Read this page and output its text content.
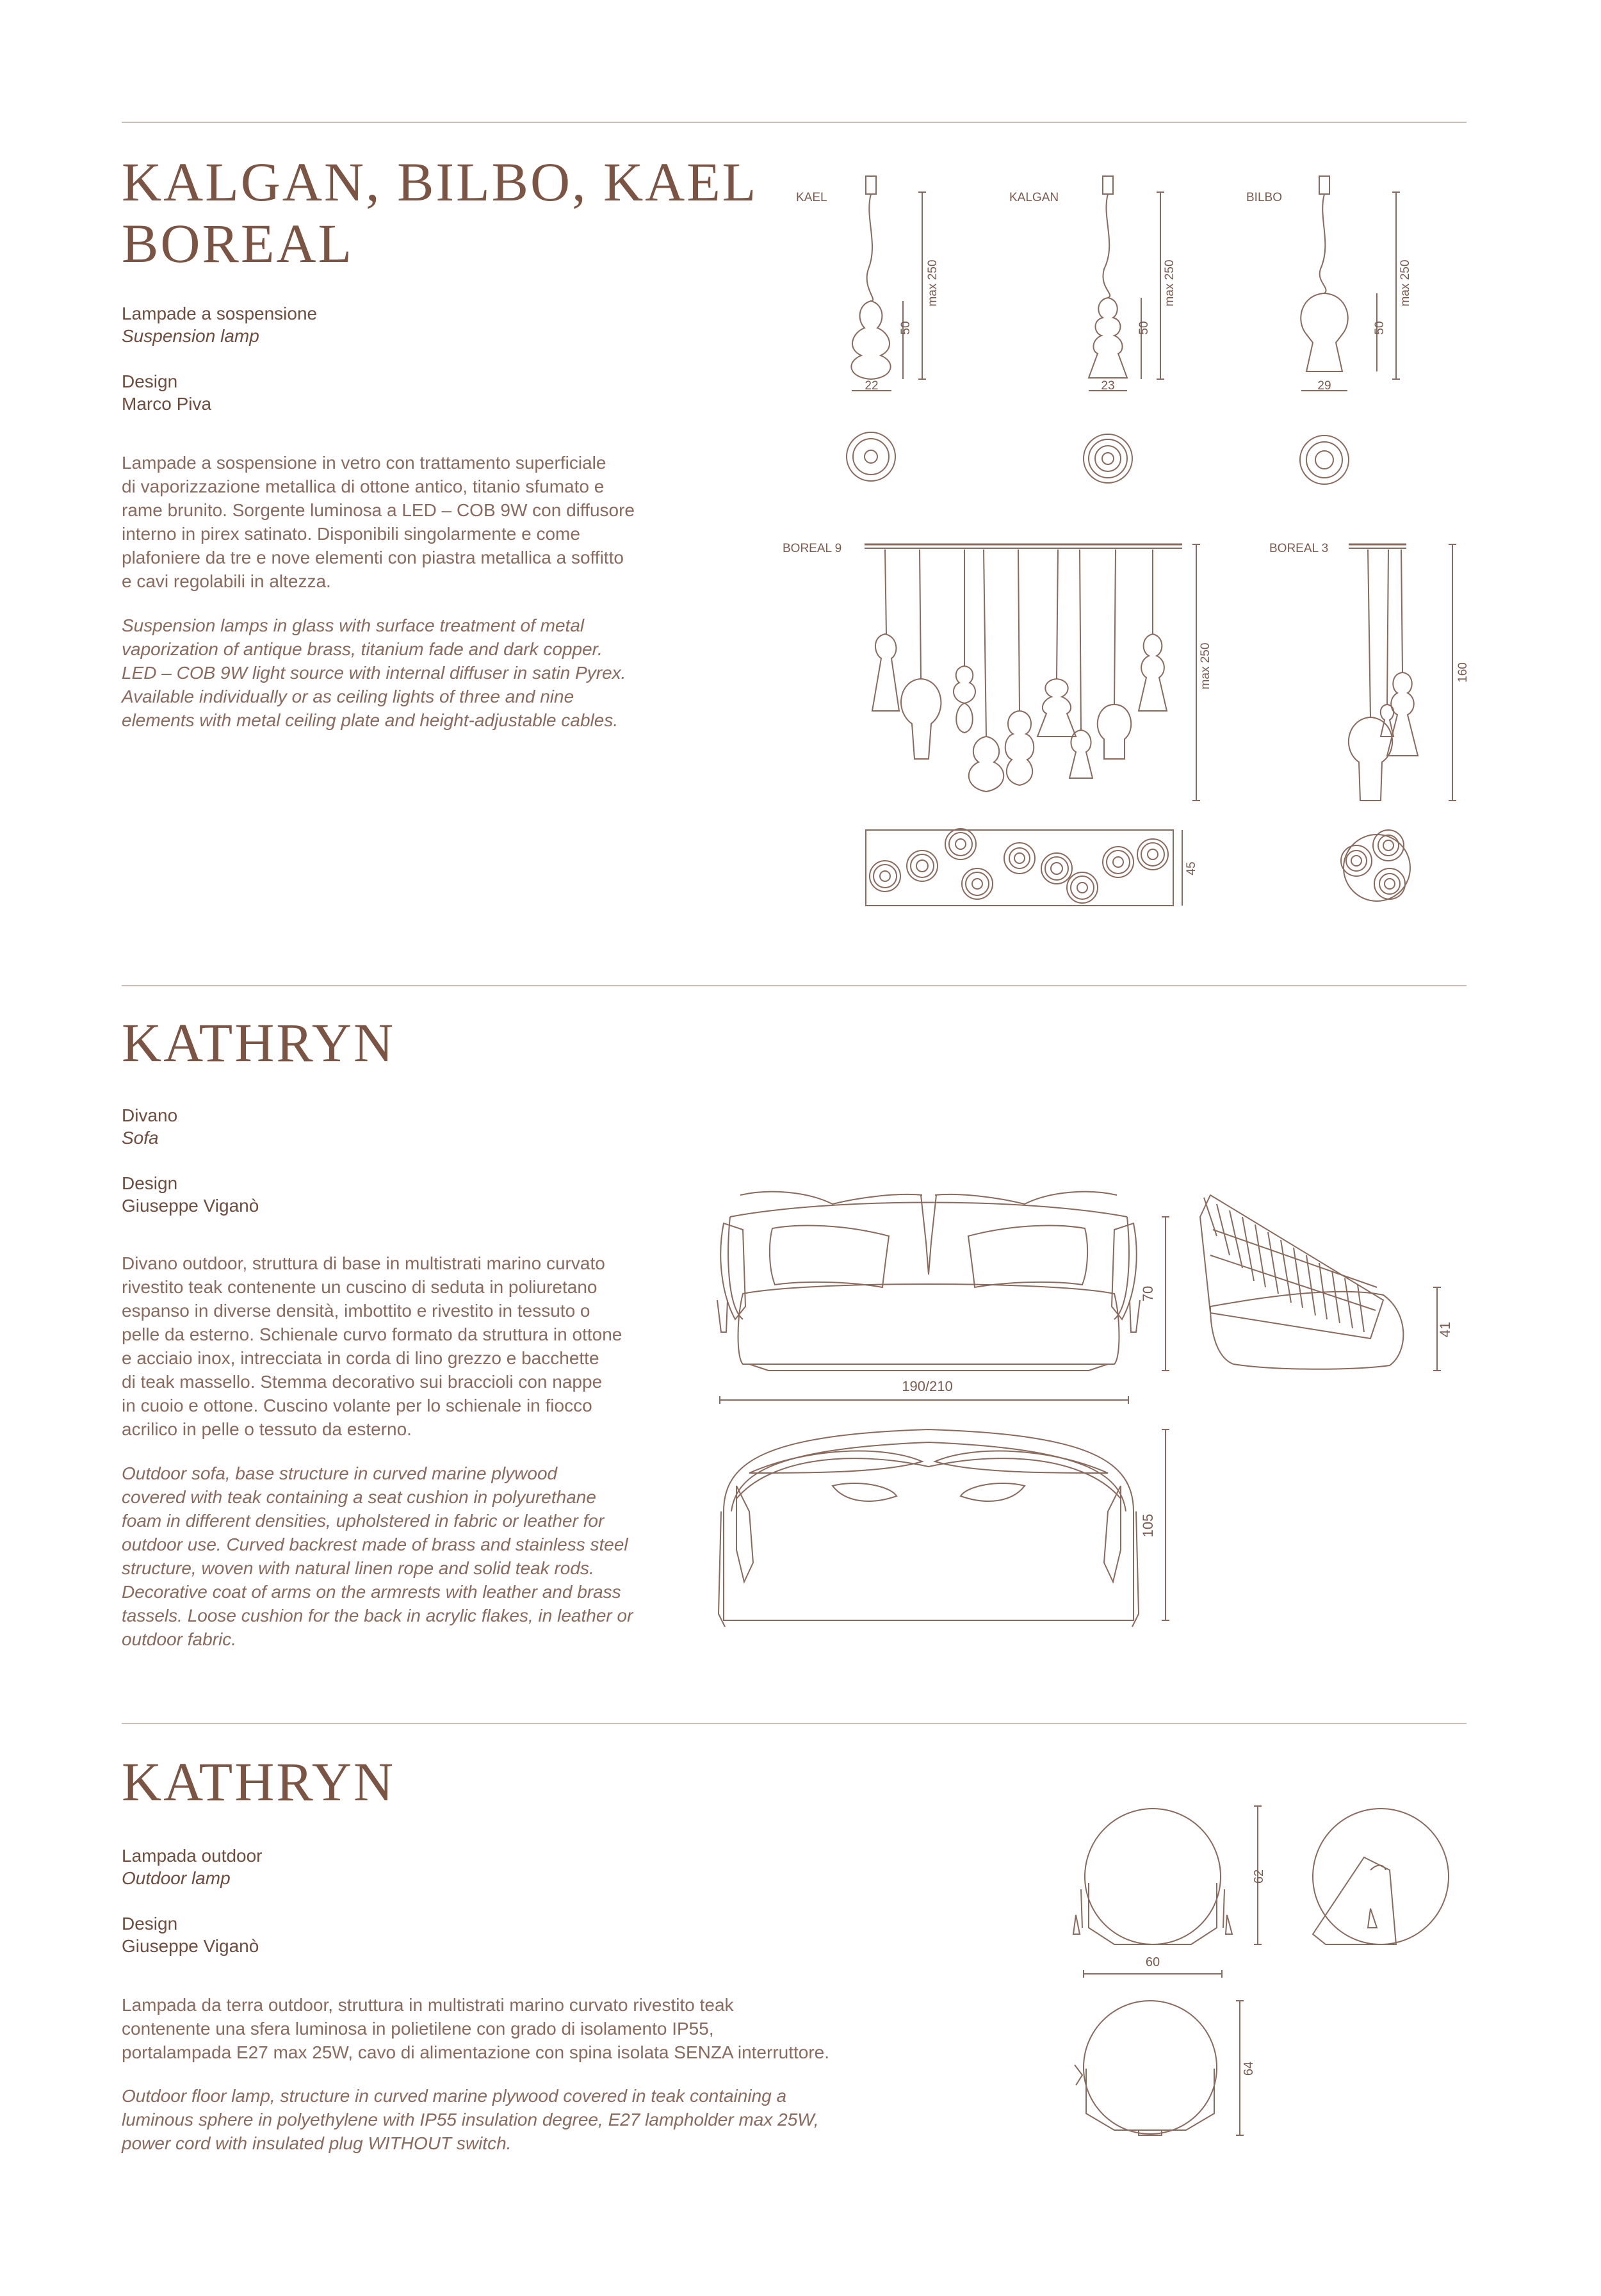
KALGAN, BILBO, KAEL
BOREAL
Lampade a sospensione
Suspension lamp
Design
Marco Piva
Lampade a sospensione in vetro con trattamento superficiale
di vaporizzazione metallica di ottone antico, titanio sfumato e
rame brunito. Sorgente luminosa a LED – COB 9W con diffusore
interno in pirex satinato. Disponibili singolarmente e come
plafoniere da tre e nove elementi con piastra metallica a soffitto
e cavi regolabili in altezza.
Suspension lamps in glass with surface treatment of metal
vaporization of antique brass, titanium fade and dark copper.
LED – COB 9W light source with internal diffuser in satin Pyrex.
Available individually or as ceiling lights of three and nine
elements with metal ceiling plate and height-adjustable cables.
KAEL	KALGAN	BILBO
BOREAL 9	BOREAL 3
max 250
50
max 250
50
max 250
50
22	23	29
max 250	160
45
KATHRYN
Divano
Sofa
Design
Giuseppe Viganò
Divano outdoor, struttura di base in multistrati marino curvato
rivestito teak contenente un cuscino di seduta in poliuretano
espanso in diverse densità, imbottito e rivestito in tessuto o
pelle da esterno. Schienale curvo formato da struttura in ottone
e acciaio inox, intrecciata in corda di lino grezzo e bacchette
di teak massello. Stemma decorativo sui braccioli con nappe
in cuoio e ottone. Cuscino volante per lo schienale in fiocco
acrilico in pelle o tessuto da esterno.
Outdoor sofa, base structure in curved marine plywood
covered with teak containing a seat cushion in polyurethane
foam in different densities, upholstered in fabric or leather for
outdoor use. Curved backrest made of brass and stainless steel
structure, woven with natural linen rope and solid teak rods.
Decorative coat of arms on the armrests with leather and brass
tassels. Loose cushion for the back in acrylic flakes, in leather or
outdoor fabric.
190/210
70
41
105
KATHRYN
Lampada outdoor
Outdoor lamp
Design
Giuseppe Viganò
Lampada da terra outdoor, struttura in multistrati marino curvato rivestito teak
contenente una sfera luminosa in polietilene con grado di isolamento IP55,
portalampada E27 max 25W, cavo di alimentazione con spina isolata SENZA interruttore.
Outdoor floor lamp, structure in curved marine plywood covered in teak containing a
luminous sphere in polyethylene with IP55 insulation degree, E27 lampholder max 25W,
power cord with insulated plug WITHOUT switch.
62
60
64
